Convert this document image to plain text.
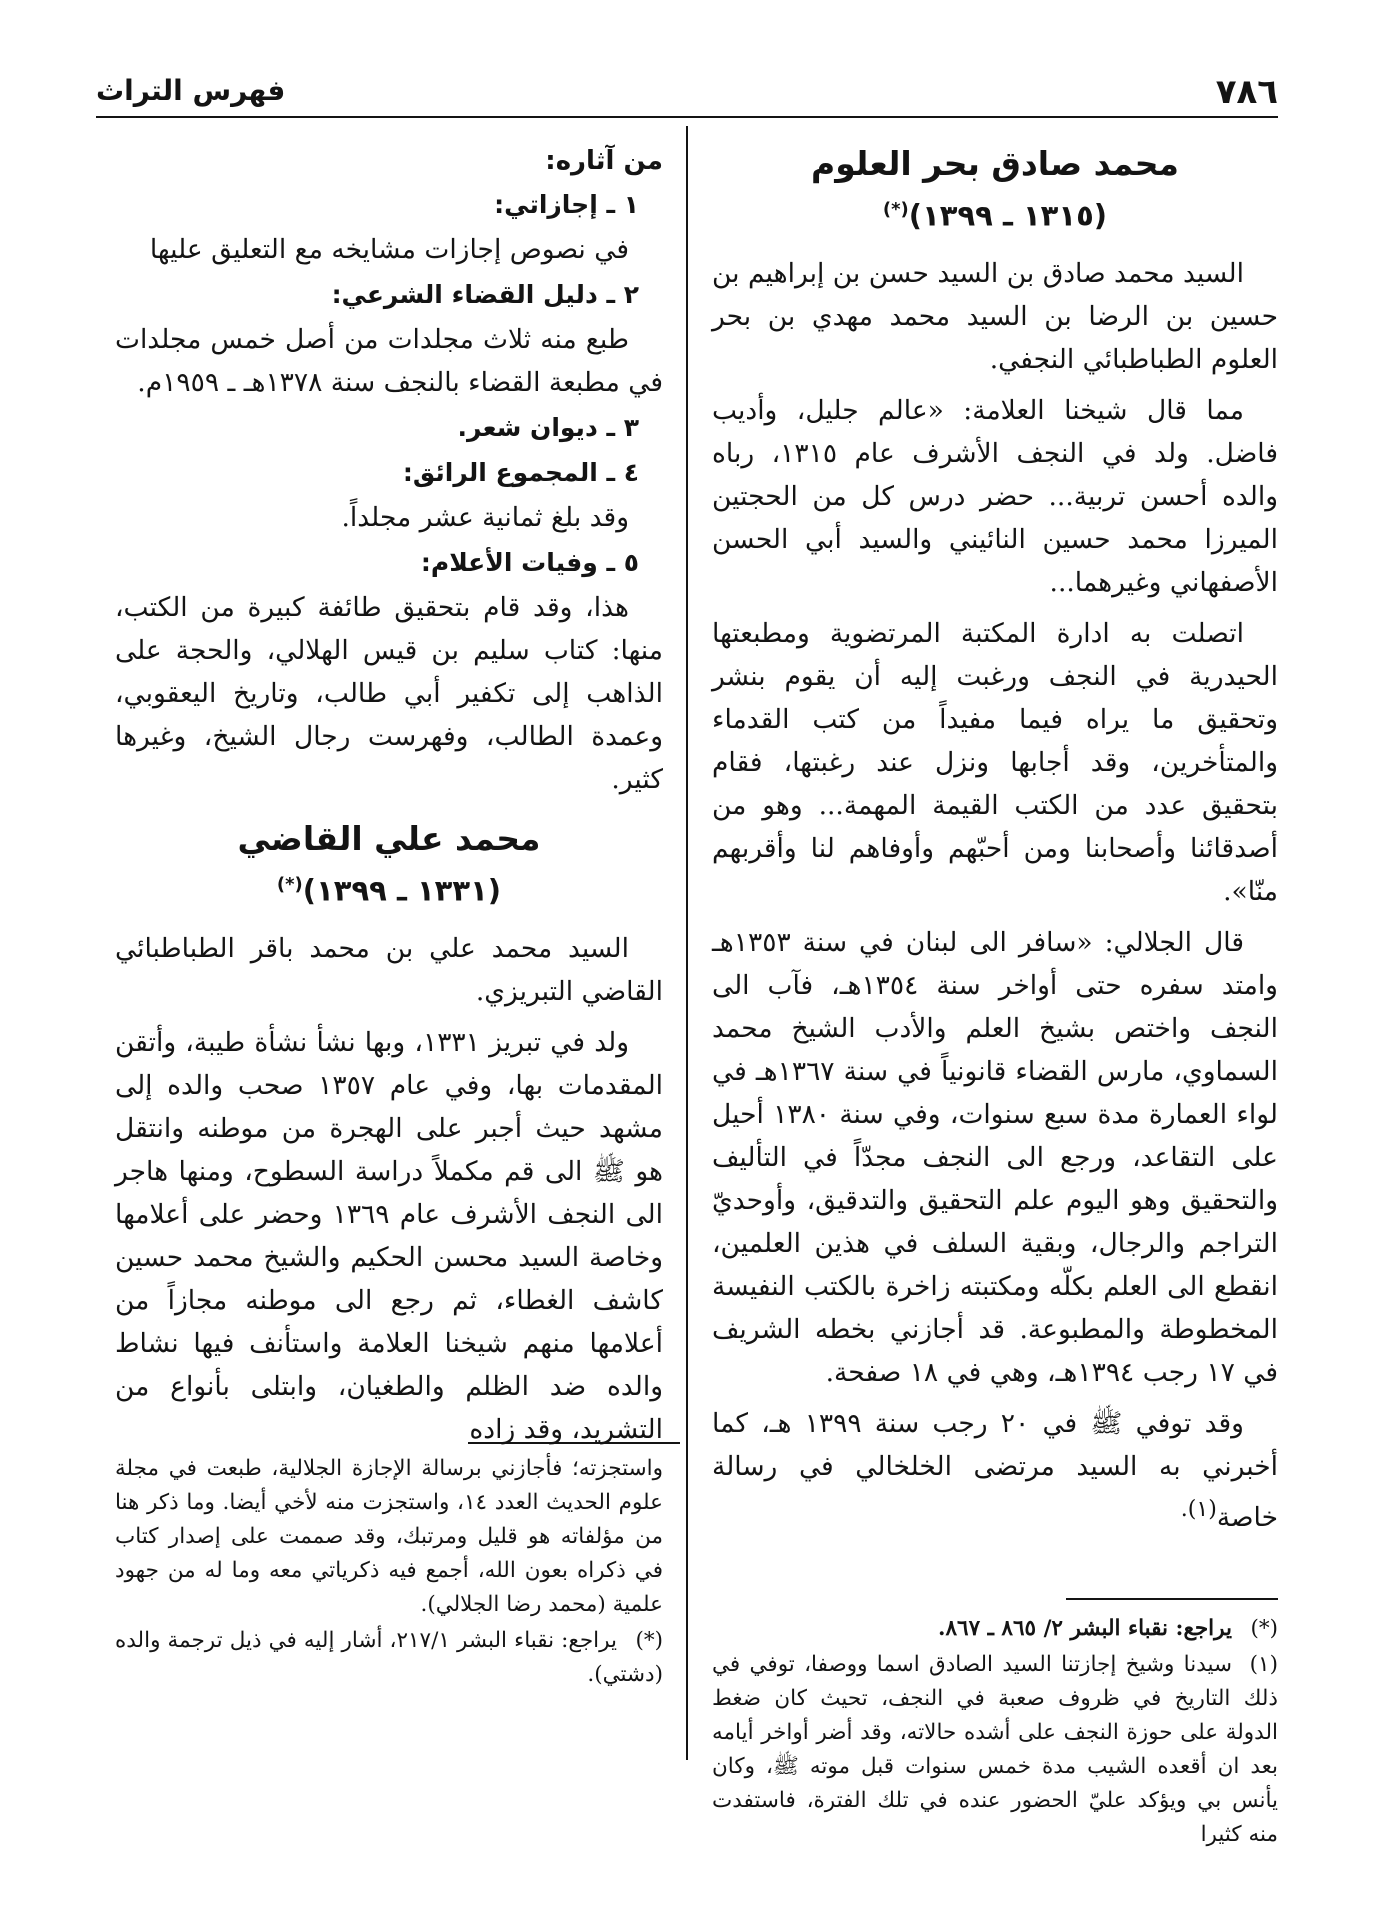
٧٨٦
فهرس التراث
محمد صادق بحر العلوم
(١٣١٥ ـ ١٣٩٩)(*)

السيد محمد صادق بن السيد حسن بن إبراهيم بن حسين بن الرضا بن السيد محمد مهدي بن بحر العلوم الطباطبائي النجفي.

مما قال شيخنا العلامة: «عالم جليل، وأديب فاضل. ولد في النجف الأشرف عام ١٣١٥، رباه والده أحسن تربية... حضر درس كل من الحجتين الميرزا محمد حسين النائيني والسيد أبي الحسن الأصفهاني وغيرهما...

اتصلت به ادارة المكتبة المرتضوية ومطبعتها الحيدرية في النجف ورغبت إليه أن يقوم بنشر وتحقيق ما يراه فيما مفيداً من كتب القدماء والمتأخرين، وقد أجابها ونزل عند رغبتها، فقام بتحقيق عدد من الكتب القيمة المهمة... وهو من أصدقائنا وأصحابنا ومن أحبّهم وأوفاهم لنا وأقربهم منّا».

قال الجلالي: «سافر الى لبنان في سنة ١٣٥٣هـ وامتد سفره حتى أواخر سنة ١٣٥٤هـ، فآب الى النجف واختص بشيخ العلم والأدب الشيخ محمد السماوي، مارس القضاء قانونياً في سنة ١٣٦٧هـ في لواء العمارة مدة سبع سنوات، وفي سنة ١٣٨٠ أحيل على التقاعد، ورجع الى النجف مجدّاً في التأليف والتحقيق وهو اليوم علم التحقيق والتدقيق، وأوحديّ التراجم والرجال، وبقية السلف في هذين العلمين، انقطع الى العلم بكلّه ومكتبته زاخرة بالكتب النفيسة المخطوطة والمطبوعة. قد أجازني بخطه الشريف في ١٧ رجب ١٣٩٤هـ، وهي في ١٨ صفحة.

وقد توفي ﷺ في ٢٠ رجب سنة ١٣٩٩ هـ، كما أخبرني به السيد مرتضى الخلخالي في رسالة خاصة$^{(١).}$

(*)يراجع: نقباء البشر ٢/ ٨٦٥ ـ ٨٦٧.

(١)سيدنا وشيخ إجازتنا السيد الصادق اسما ووصفا، توفي في ذلك التاريخ في ظروف صعبة في النجف، تحيث كان ضغط الدولة على حوزة النجف على أشده حالاته، وقد أضر أواخر أيامه بعد ان أقعده الشيب مدة خمس سنوات قبل موته ﷺ، وكان يأنس بي ويؤكد عليّ الحضور عنده في تلك الفترة، فاستفدت منه كثيرا

من آثاره:

١ ـ إجازاتي:

في نصوص إجازات مشايخه مع التعليق عليها

٢ ـ دليل القضاء الشرعي:

طبع منه ثلاث مجلدات من أصل خمس مجلدات في مطبعة القضاء بالنجف سنة ١٣٧٨هـ ـ ١٩٥٩م.

٣ ـ ديوان شعر.

٤ ـ المجموع الرائق:

وقد بلغ ثمانية عشر مجلداً.

٥ ـ وفيات الأعلام:

هذا، وقد قام بتحقيق طائفة كبيرة من الكتب، منها: كتاب سليم بن قيس الهلالي، والحجة على الذاهب إلى تكفير أبي طالب، وتاريخ اليعقوبي، وعمدة الطالب، وفهرست رجال الشيخ، وغيرها كثير.

محمد علي القاضي
(١٣٣١ ـ ١٣٩٩)(*)

السيد محمد علي بن محمد باقر الطباطبائي القاضي التبريزي.

ولد في تبريز ١٣٣١، وبها نشأ نشأة طيبة، وأتقن المقدمات بها، وفي عام ١٣٥٧ صحب والده إلى مشهد حيث أجبر على الهجرة من موطنه وانتقل هو ﷺ الى قم مكملاً دراسة السطوح، ومنها هاجر الى النجف الأشرف عام ١٣٦٩ وحضر على أعلامها وخاصة السيد محسن الحكيم والشيخ محمد حسين كاشف الغطاء، ثم رجع الى موطنه مجازاً من أعلامها منهم شيخنا العلامة واستأنف فيها نشاط والده ضد الظلم والطغيان، وابتلى بأنواع من التشريد، وقد زاده

واستجزته؛ فأجازني برسالة الإجازة الجلالية، طبعت في مجلة علوم الحديث العدد ١٤، واستجزت منه لأخي أيضا. وما ذكر هنا من مؤلفاته هو قليل ومرتبك، وقد صممت على إصدار كتاب في ذكراه بعون الله، أجمع فيه ذكرياتي معه وما له من جهود علمية (محمد رضا الجلالي).

(*)يراجع: نقباء البشر ٢١٧/١، أشار إليه في ذيل ترجمة والده (دشتي).
